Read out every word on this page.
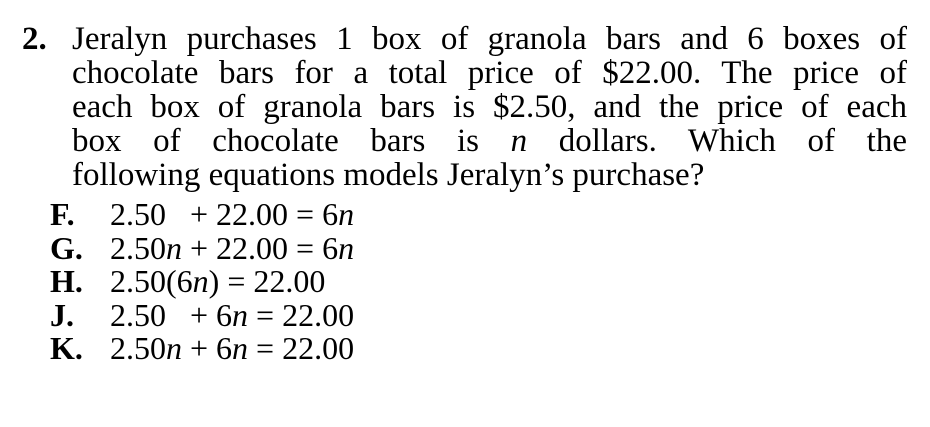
2. Jeralyn purchases 1 box of granola bars and 6 boxes of
chocolate bars for a total price of $22.00. The price of
each box of granola bars is $2.50, and the price of each
box of chocolate bars is n dollars. Which of the
following equations models Jeralyn’s purchase?
F.	2.50   + 22.00 = 6n
G. 2.50n + 22.00 = 6n
H. 2.50(6n) = 22.00
J.	2.50   + 6n = 22.00
K. 2.50n + 6n = 22.00
